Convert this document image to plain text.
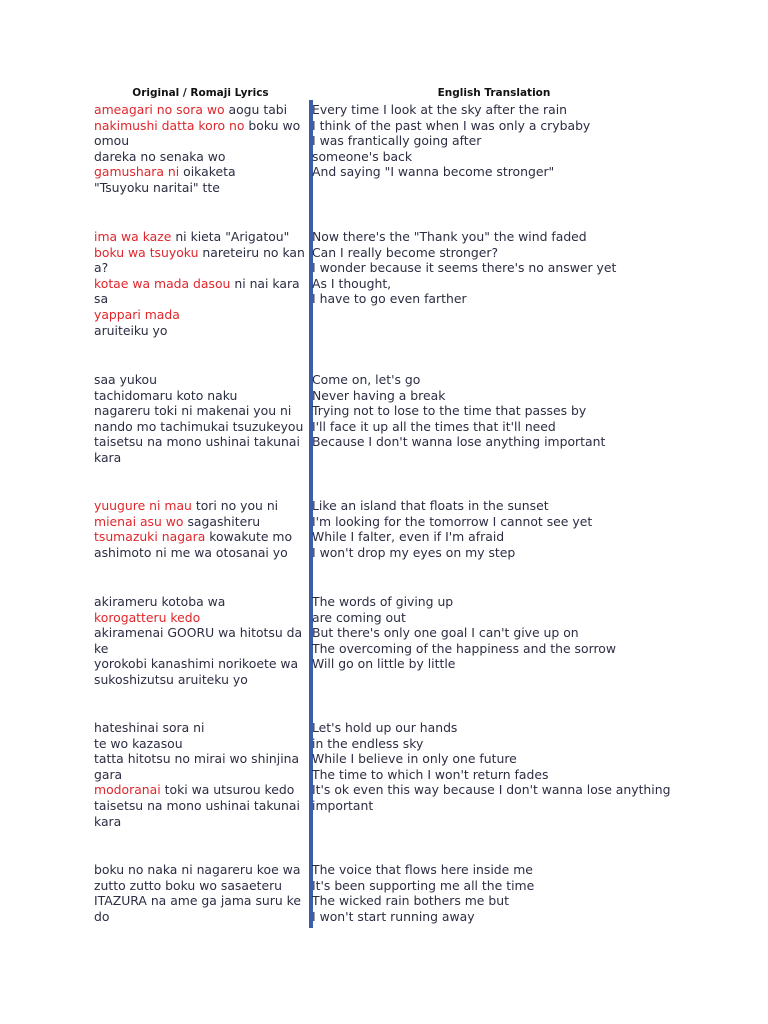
Original / Romaji Lyrics	English Translation
ameagari no sora wo aogu tabi
nakimushi datta koro no boku wo
omou
dareka no senaka wo
gamushara ni oikaketa
"Tsuyoku naritai" tte
Every time I look at the sky after the rain
I think of the past when I was only a crybaby
I was frantically going after
someone's back
And saying "I wanna become stronger"
ima wa kaze ni kieta "Arigatou"
boku wa tsuyoku nareteiru no kan
a?
kotae wa mada dasou ni nai kara
sa
yappari mada
aruiteiku yo
Now there's the "Thank you" the wind faded
Can I really become stronger?
I wonder because it seems there's no answer yet
As I thought,
I have to go even farther
saa yukou
tachidomaru koto naku
nagareru toki ni makenai you ni
nando mo tachimukai tsuzukeyou
taisetsu na mono ushinai takunai
kara
Come on, let's go
Never having a break
Trying not to lose to the time that passes by
I'll face it up all the times that it'll need
Because I don't wanna lose anything important
yuugure ni mau tori no you ni
mienai asu wo sagashiteru
tsumazuki nagara kowakute mo
ashimoto ni me wa otosanai yo
Like an island that floats in the sunset
I'm looking for the tomorrow I cannot see yet
While I falter, even if I'm afraid
I won't drop my eyes on my step
akirameru kotoba wa
korogatteru kedo
akiramenai GOORU wa hitotsu da
ke
yorokobi kanashimi norikoete wa
sukoshizutsu aruiteku yo
The words of giving up
are coming out
But there's only one goal I can't give up on
The overcoming of the happiness and the sorrow
Will go on little by little
hateshinai sora ni
te wo kazasou
tatta hitotsu no mirai wo shinjina
gara
modoranai toki wa utsurou kedo
taisetsu na mono ushinai takunai
kara
Let's hold up our hands
in the endless sky
While I believe in only one future
The time to which I won't return fades
It's ok even this way because I don't wanna lose anything
important
boku no naka ni nagareru koe wa
zutto zutto boku wo sasaeteru
ITAZURA na ame ga jama suru ke
do
The voice that flows here inside me
It's been supporting me all the time
The wicked rain bothers me but
I won't start running away
